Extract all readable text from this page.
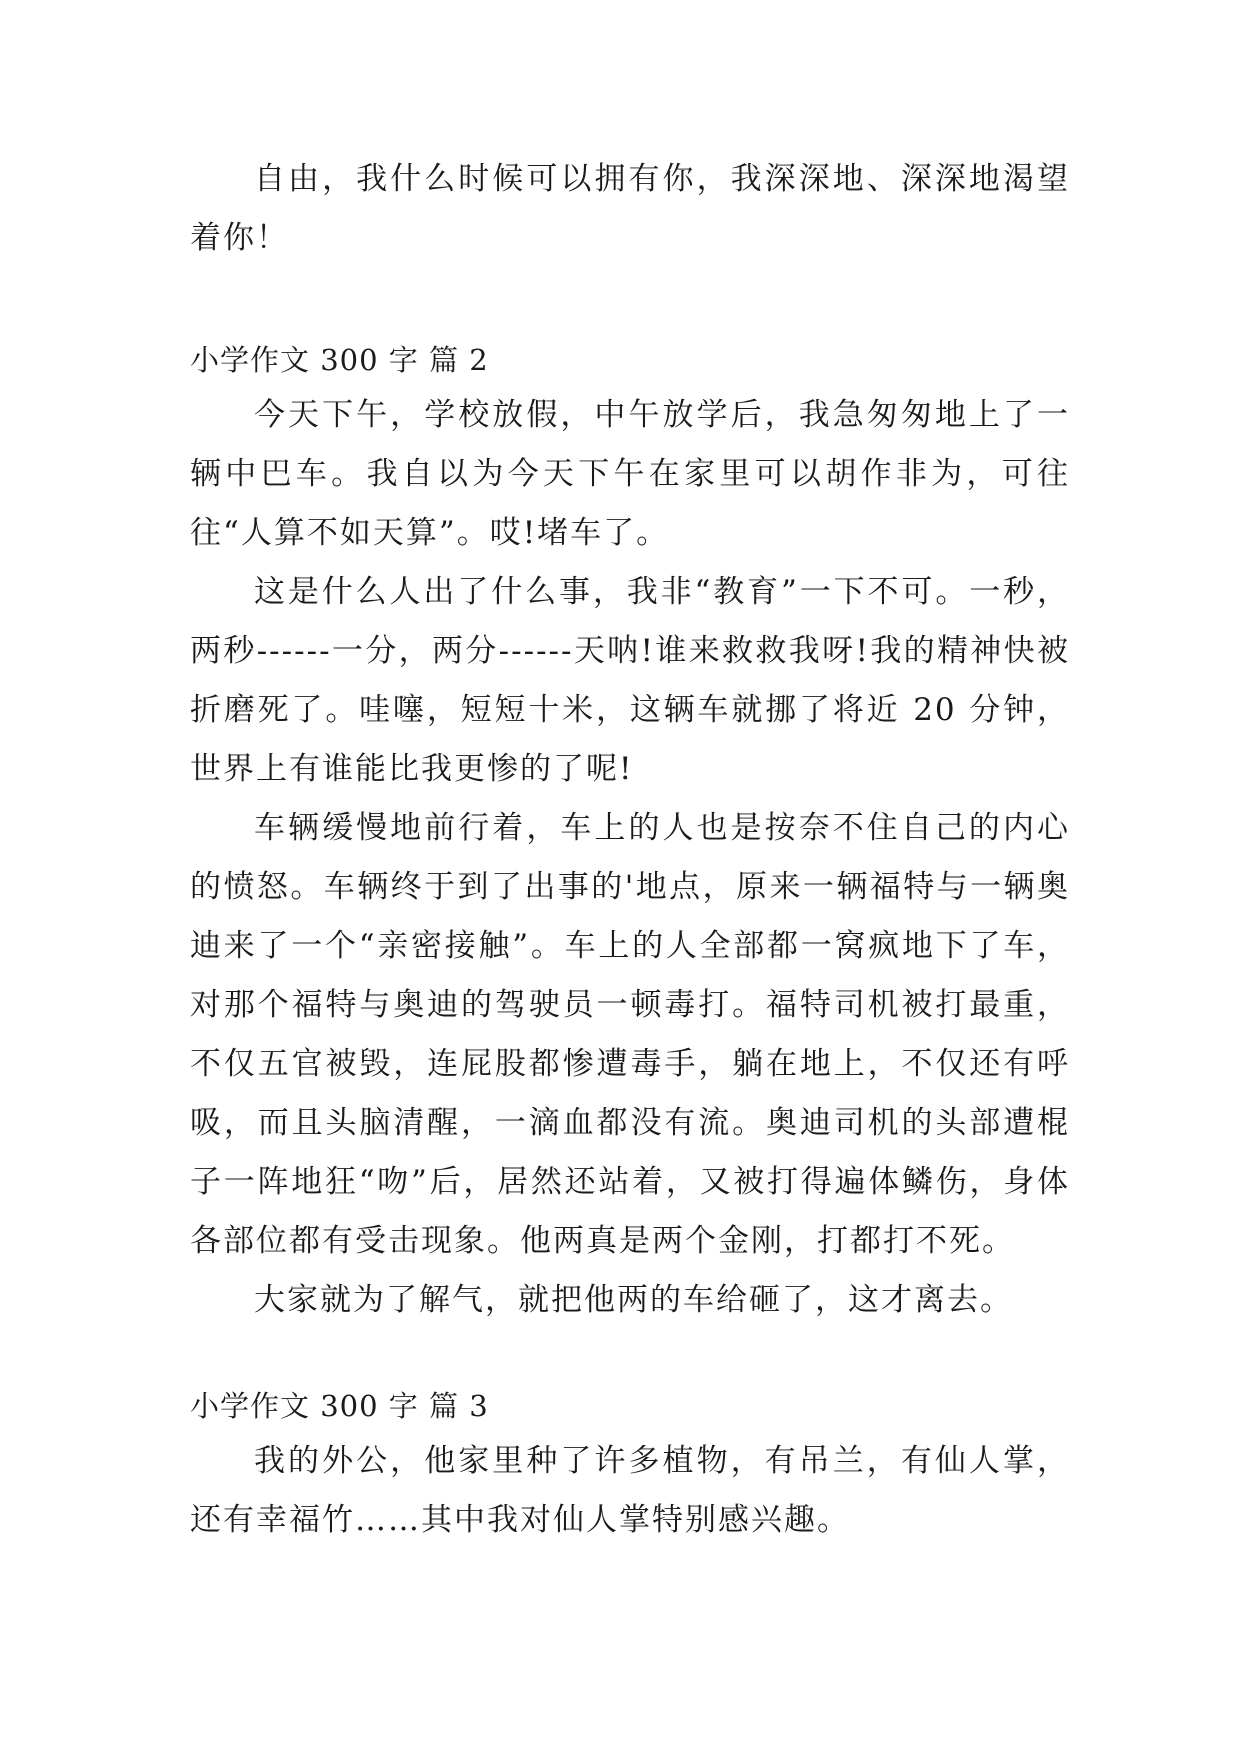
自由，我什么时候可以拥有你，我深深地、深深地渴望着你！

小学作文 300 字 篇 2

今天下午，学校放假，中午放学后，我急匆匆地上了一辆中巴车。我自以为今天下午在家里可以胡作非为，可往往“人算不如天算”。哎!堵车了。

这是什么人出了什么事，我非“教育”一下不可。一秒，两秒------一分，两分------天呐!谁来救救我呀!我的精神快被折磨死了。哇噻，短短十米，这辆车就挪了将近 20 分钟，世界上有谁能比我更惨的了呢!

车辆缓慢地前行着，车上的人也是按奈不住自己的内心的愤怒。车辆终于到了出事的'地点，原来一辆福特与一辆奥迪来了一个“亲密接触”。车上的人全部都一窝疯地下了车，对那个福特与奥迪的驾驶员一顿毒打。福特司机被打最重，不仅五官被毁，连屁股都惨遭毒手，躺在地上，不仅还有呼吸，而且头脑清醒，一滴血都没有流。奥迪司机的头部遭棍子一阵地狂“吻”后，居然还站着，又被打得遍体鳞伤，身体各部位都有受击现象。他两真是两个金刚，打都打不死。

大家就为了解气，就把他两的车给砸了，这才离去。

小学作文 300 字 篇 3

我的外公，他家里种了许多植物，有吊兰，有仙人掌，还有幸福竹……其中我对仙人掌特别感兴趣。
